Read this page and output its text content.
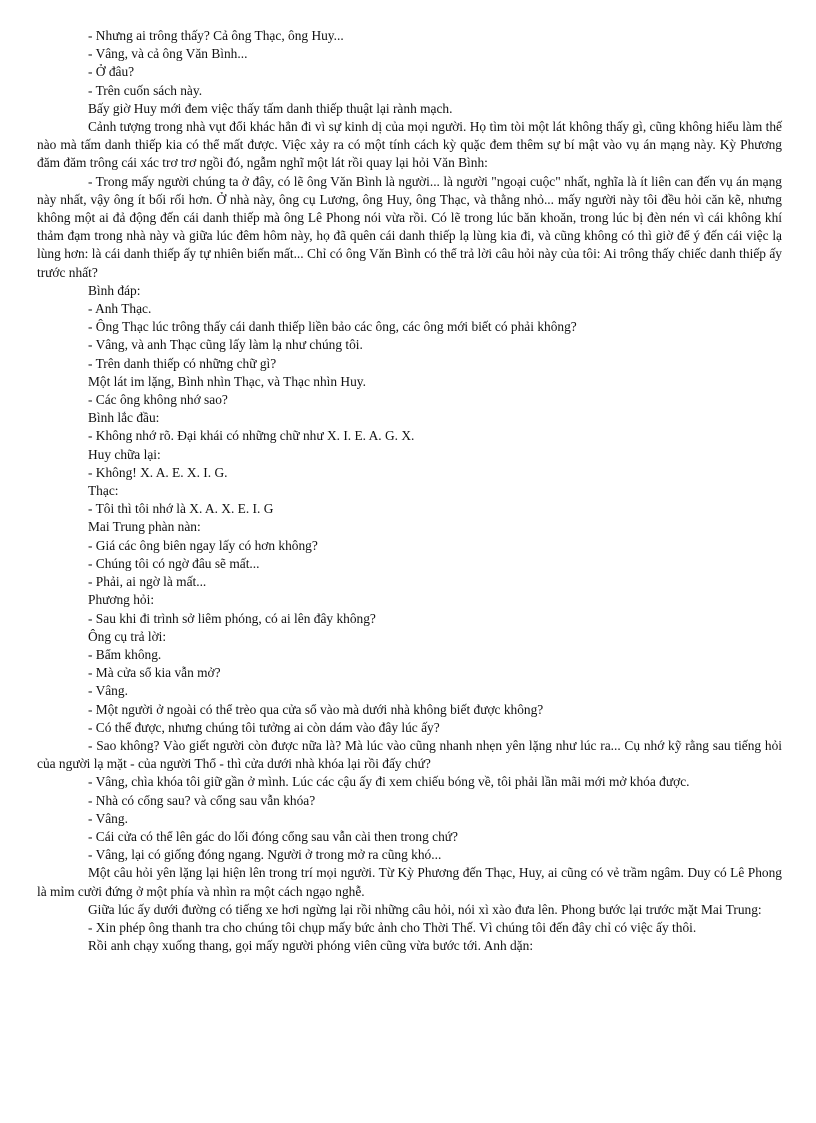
- Nhưng ai trông thấy? Cả ông Thạc, ông Huy...

- Vâng, và cả ông Văn Bình...

- Ở đâu?

- Trên cuốn sách này.

Bấy giờ Huy mới đem việc thấy tấm danh thiếp thuật lại rành mạch.

Cảnh tượng trong nhà vụt đổi khác hẳn đi vì sự kinh dị của mọi người. Họ tìm tòi một lát không thấy gì, cũng không hiểu làm thế nào mà tấm danh thiếp kia có thể mất được. Việc xảy ra có một tính cách kỳ quặc đem thêm sự bí mật vào vụ án mạng này. Kỳ Phương đăm đăm trông cái xác trơ trơ ngồi đó, ngẫm nghĩ một lát rồi quay lại hỏi Văn Bình:

- Trong mấy người chúng ta ở đây, có lẽ ông Văn Bình là người... là người "ngoại cuộc" nhất, nghĩa là ít liên can đến vụ án mạng này nhất, vậy ông ít bối rối hơn. Ở nhà này, ông cụ Lương, ông Huy, ông Thạc, và thằng nhỏ... mấy người này tôi đều hỏi căn kẽ, nhưng không một ai đả động đến cái danh thiếp mà ông Lê Phong nói vừa rồi. Có lẽ trong lúc băn khoăn, trong lúc bị đèn nén vì cái không khí thảm đạm trong nhà này và giữa lúc đêm hôm này, họ đã quên cái danh thiếp lạ lùng kia đi, và cũng không có thì giờ để ý đến cái việc lạ lùng hơn: là cái danh thiếp ấy tự nhiên biến mất... Chỉ có ông Văn Bình có thể trả lời câu hỏi này của tôi: Ai trông thấy chiếc danh thiếp ấy trước nhất?

Bình đáp:

- Anh Thạc.

- Ông Thạc lúc trông thấy cái danh thiếp liền bảo các ông, các ông mới biết có phải không?

- Vâng, và anh Thạc cũng lấy làm lạ như chúng tôi.

- Trên danh thiếp có những chữ gì?

Một lát im lặng, Bình nhìn Thạc, và Thạc nhìn Huy.

- Các ông không nhớ sao?

Bình lắc đầu:

- Không nhớ rõ. Đại khái có những chữ như X. I. E. A. G. X.

Huy chữa lại:

- Không! X. A. E. X. I. G.

Thạc:

- Tôi thì tôi nhớ là X. A. X. E. I. G

Mai Trung phàn nàn:

- Giá các ông biên ngay lấy có hơn không?

- Chúng tôi có ngờ đâu sẽ mất...

- Phải, ai ngờ là mất...

Phương hỏi:

- Sau khi đi trình sở liêm phóng, có ai lên đây không?

Ông cụ trả lời:

- Bẩm không.

- Mà cửa sổ kia vẫn mở?

- Vâng.

- Một người ở ngoài có thể trèo qua cửa sổ vào mà dưới nhà không biết được không?

- Có thể được, nhưng chúng tôi tưởng ai còn dám vào đây lúc ấy?

- Sao không? Vào giết người còn được nữa là? Mà lúc vào cũng nhanh nhẹn yên lặng như lúc ra... Cụ nhớ kỹ rằng sau tiếng hỏi của người lạ mặt - của người Thổ - thì cửa dưới nhà khóa lại rồi đấy chứ?

- Vâng, chìa khóa tôi giữ gần ở mình. Lúc các cậu ấy đi xem chiếu bóng về, tôi phải lần mãi mới mở khóa được.

- Nhà có cổng sau? và cổng sau vẫn khóa?

- Vâng.

- Cái cửa có thể lên gác do lối đóng cổng sau vẫn cài then trong chứ?

- Vâng, lại có giống đóng ngang. Người ở trong mở ra cũng khó...

Một câu hỏi yên lặng lại hiện lên trong trí mọi người. Từ Kỳ Phương đến Thạc, Huy, ai cũng có vẻ trầm ngâm. Duy có Lê Phong là mỉm cười đứng ở một phía và nhìn ra một cách ngạo nghễ.

Giữa lúc ấy dưới đường có tiếng xe hơi ngừng lại rồi những câu hỏi, nói xì xào đưa lên. Phong bước lại trước mặt Mai Trung:

- Xin phép ông thanh tra cho chúng tôi chụp mấy bức ảnh cho Thời Thế. Vì chúng tôi đến đây chỉ có việc ấy thôi.

Rồi anh chạy xuống thang, gọi mấy người phóng viên cũng vừa bước tới. Anh dặn:
